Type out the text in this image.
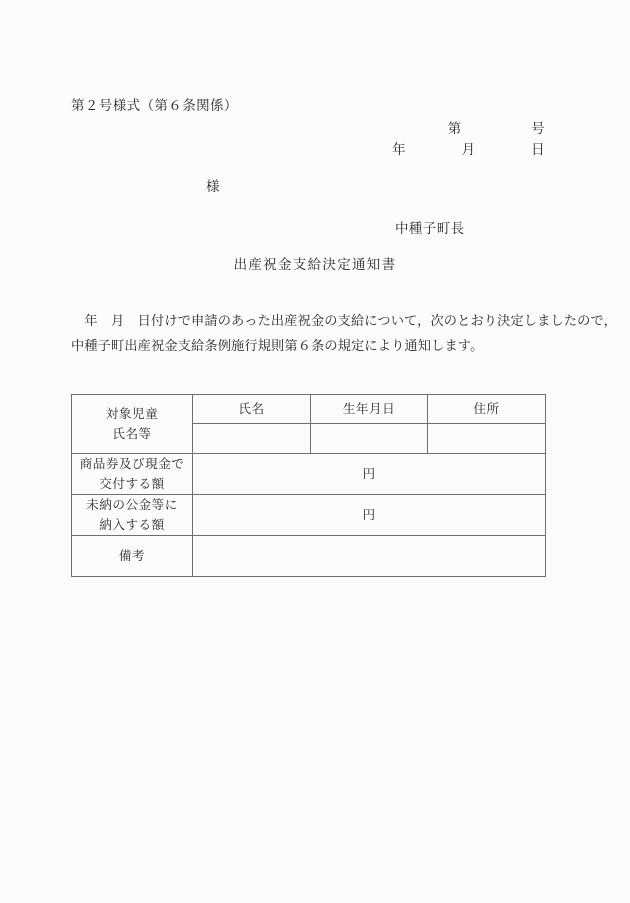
第２号様式（第６条関係）
第　　　　　号
年　　　　月　　　　日
様
中種子町長
出産祝金支給決定通知書
　年　月　日付けで申請のあった出産祝金の支給について，次のとおり決定しましたので，
中種子町出産祝金支給条例施行規則第６条の規定により通知します。
対象児童
氏名等	氏名	生年月日	住所

商品券及び現金で
交付する額	円		

未納の公金等に
納入する額	円		
備考			
